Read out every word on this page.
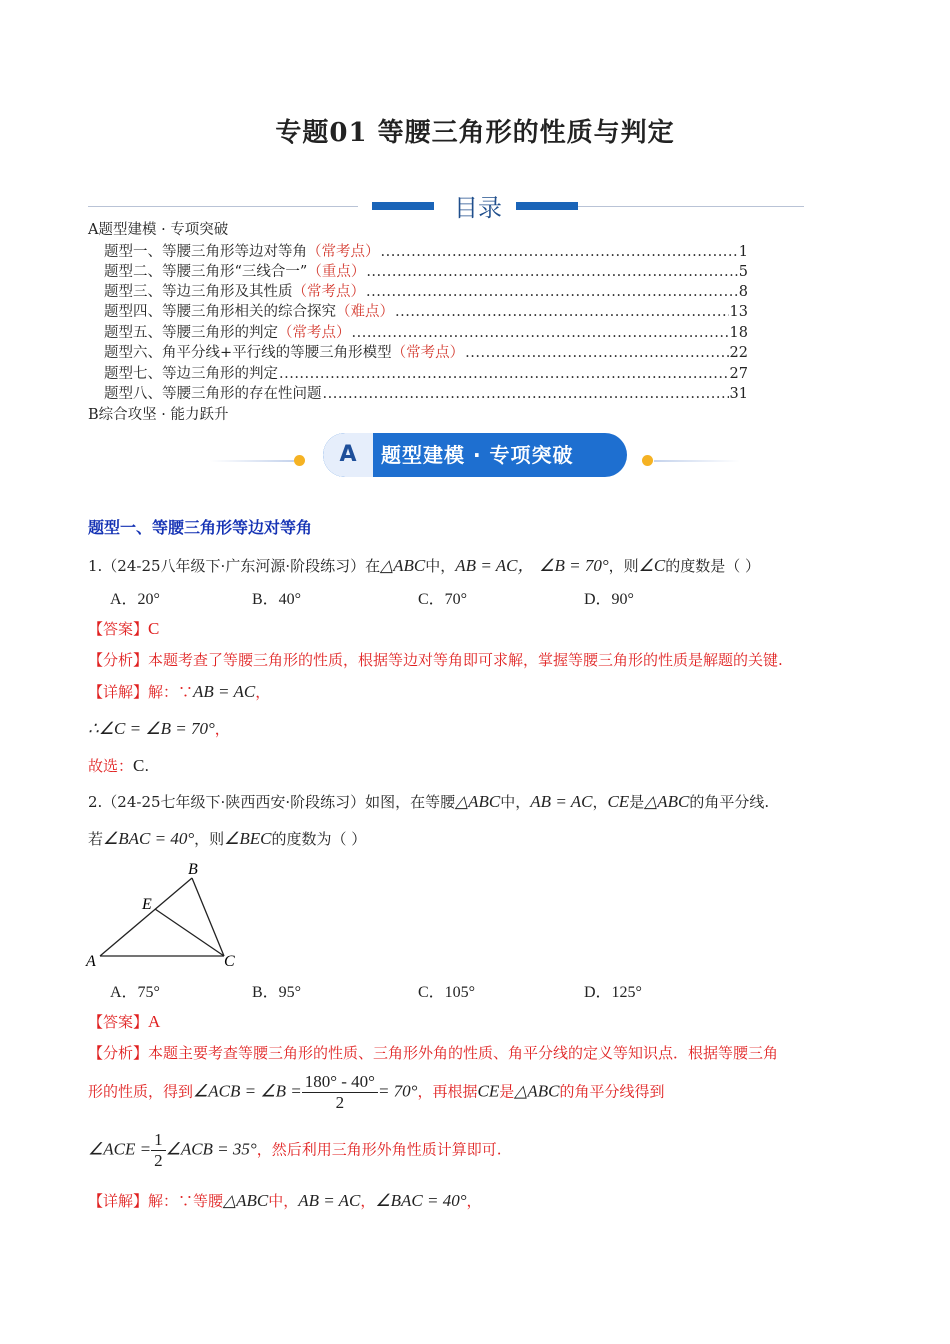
专题01 等腰三角形的性质与判定
目录
A题型建模 · 专项突破
题型一、等腰三角形等边对等角 （常考点） .....	1
题型二、等腰三角形“三线合一” （重点） .....	5
题型三、等边三角形及其性质 （常考点） .....	8
题型四、等腰三角形相关的综合探究 （难点） .....	13
题型五、等腰三角形的判定 （常考点） .....	18
题型六、角平分线+平行线的等腰三角形模型 （常考点） .....	22
题型七、等边三角形的判定 .....	27
题型八、等腰三角形的存在性问题 .....	31
B综合攻坚 · 能力跃升
A	题型建模 · 专项突破
题型一、等腰三角形等边对等角
1.（24-25八年级下·广东河源·阶段练习）在△ABC中，AB = AC， ∠B = 70°，则∠C的度数是（ ）
A．20°	B．40°	C．70°	D．90°
【答案】C
【分析】本题考查了等腰三角形的性质，根据等边对等角即可求解，掌握等腰三角形的性质是解题的关键.
【详解】解：∵AB = AC，
∴∠C = ∠B = 70°，
故选：C.
2.（24-25七年级下·陕西西安·阶段练习）如图，在等腰△ABC中，AB = AC，CE是△ABC的角平分线.
若∠BAC = 40°，则∠BEC的度数为（ ）
A
B
C
E
A．75°	B．95°	C．105°	D．125°
【答案】A
【分析】本题主要考查等腰三角形的性质、三角形外角的性质、角平分线的定义等知识点．根据等腰三角
形的性质，得到∠ACB = ∠B = $\frac{180^\circ - 40^\circ}{2} = 70^\circ$，再根据CE是△ABC的角平分线得到
∠ACE = $\frac{1}{2}$ ∠ACB = 35°，然后利用三角形外角性质计算即可.
【详解】解：∵等腰△ABC中，AB = AC，∠BAC = 40°，
